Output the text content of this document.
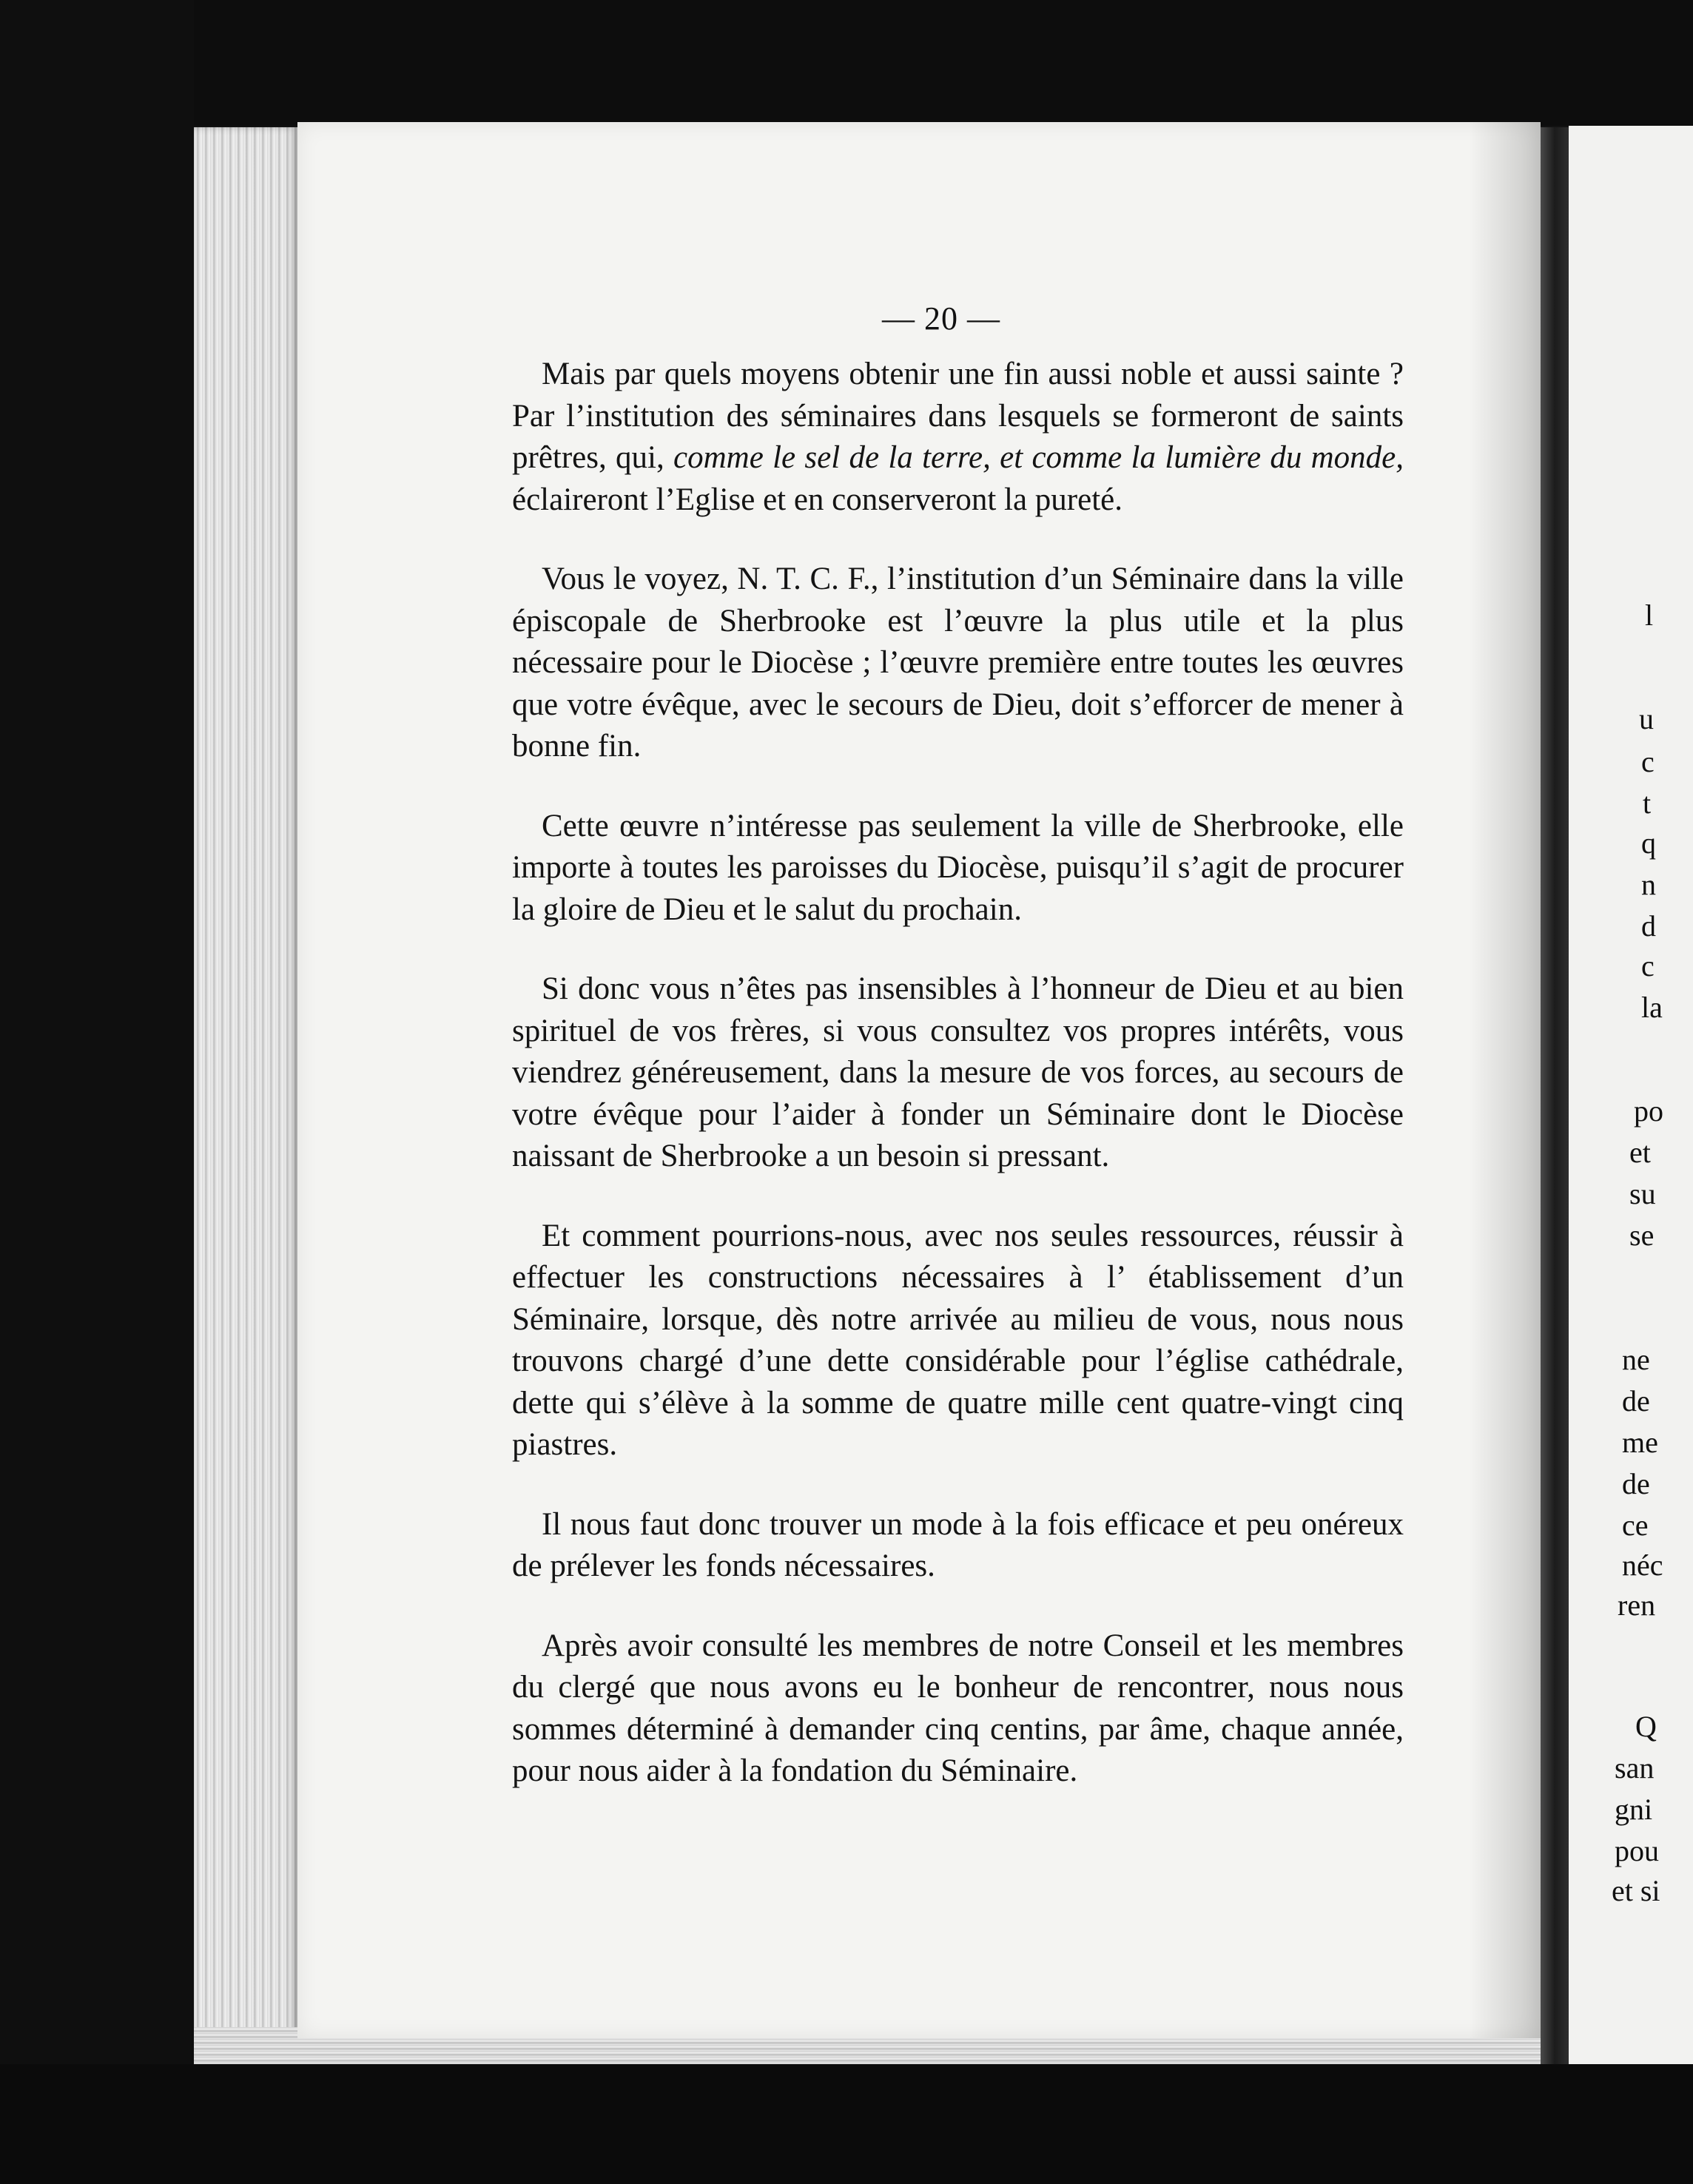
l
u
c
t
q
n
d
c
la
po
et
su
se
ne
de
me
de
ce
néc
ren
Q
san
gni
pou
et si
— 20 —

Mais par quels moyens obtenir une fin aussi noble et aussi sainte ? Par l’institution des séminaires dans lesquels se formeront de saints prêtres, qui, comme le sel de la terre, et comme la lumière du monde, éclaireront l’Eglise et en conserveront la pureté.

Vous le voyez, N. T. C. F., l’institution d’un Séminaire dans la ville épiscopale de Sherbrooke est l’œuvre la plus utile et la plus nécessaire pour le Diocèse ; l’œuvre première entre toutes les œuvres que votre évêque, avec le secours de Dieu, doit s’efforcer de mener à bonne fin.

Cette œuvre n’intéresse pas seulement la ville de Sherbrooke, elle importe à toutes les paroisses du Diocèse, puisqu’il s’agit de procurer la gloire de Dieu et le salut du prochain.

Si donc vous n’êtes pas insensibles à l’honneur de Dieu et au bien spirituel de vos frères, si vous consultez vos propres intérêts, vous viendrez généreusement, dans la mesure de vos forces, au secours de votre évêque pour l’aider à fonder un Séminaire dont le Diocèse naissant de Sherbrooke a un besoin si pressant.

Et comment pourrions-nous, avec nos seules ressources, réussir à effectuer les constructions nécessaires à l’ établissement d’un Séminaire, lorsque, dès notre arrivée au milieu de vous, nous nous trouvons chargé d’une dette considérable pour l’église cathédrale, dette qui s’élève à la somme de quatre mille cent quatre-vingt cinq piastres.

Il nous faut donc trouver un mode à la fois efficace et peu onéreux de prélever les fonds nécessaires.

Après avoir consulté les membres de notre Conseil et les membres du clergé que nous avons eu le bonheur de rencontrer, nous nous sommes déterminé à demander cinq centins, par âme, chaque année, pour nous aider à la fondation du Séminaire.
